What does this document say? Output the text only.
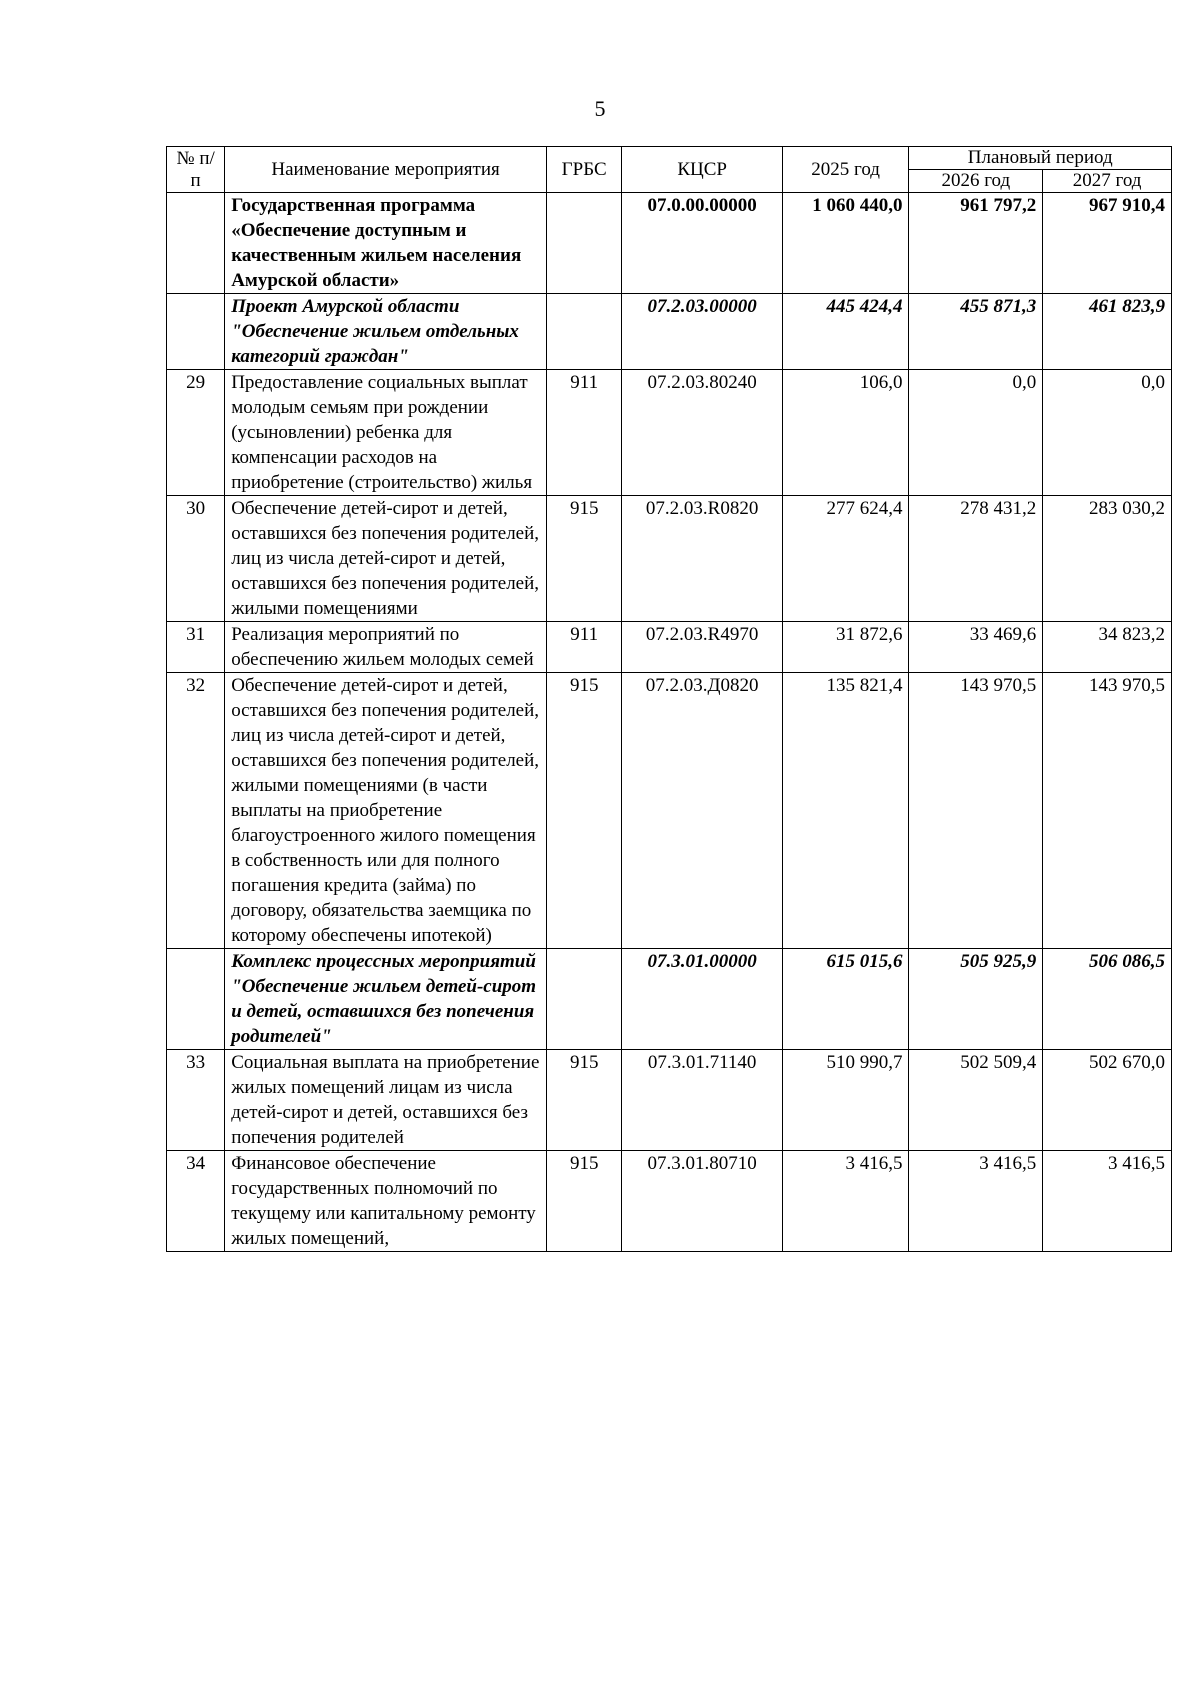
5
№ п/п	Наименование мероприятия	ГРБС	КЦСР	2025 год	Плановый период	
					2026 год	2027 год
	Государственная программа «Обеспечение доступным и качественным жильем населения Амурской области»		07.0.00.00000	1 060 440,0	961 797,2	967 910,4
	Проект Амурской области "Обеспечение жильем отдельных категорий граждан"		07.2.03.00000	445 424,4	455 871,3	461 823,9
29	Предоставление социальных выплат молодым семьям при рождении (усыновлении) ребенка для компенсации расходов на приобретение (строительство) жилья	911	07.2.03.80240	106,0	0,0	0,0
30	Обеспечение детей-сирот и детей, оставшихся без попечения родителей, лиц из числа детей-сирот и детей, оставшихся без попечения родителей, жилыми помещениями	915	07.2.03.R0820	277 624,4	278 431,2	283 030,2
31	Реализация мероприятий по обеспечению жильем молодых семей	911	07.2.03.R4970	31 872,6	33 469,6	34 823,2
32	Обеспечение детей-сирот и детей, оставшихся без попечения родителей, лиц из числа детей-сирот и детей, оставшихся без попечения родителей, жилыми помещениями (в части выплаты на приобретение благоустроенного жилого помещения в собственность или для полного погашения кредита (займа) по договору, обязательства заемщика по которому обеспечены ипотекой)	915	07.2.03.Д0820	135 821,4	143 970,5	143 970,5
	Комплекс процессных мероприятий "Обеспечение жильем детей-сирот и детей, оставшихся без попечения родителей"		07.3.01.00000	615 015,6	505 925,9	506 086,5
33	Социальная выплата на приобретение жилых помещений лицам из числа детей-сирот и детей, оставшихся без попечения родителей	915	07.3.01.71140	510 990,7	502 509,4	502 670,0
34	Финансовое обеспечение государственных полномочий по текущему или капитальному ремонту жилых помещений,	915	07.3.01.80710	3 416,5	3 416,5	3 416,5
